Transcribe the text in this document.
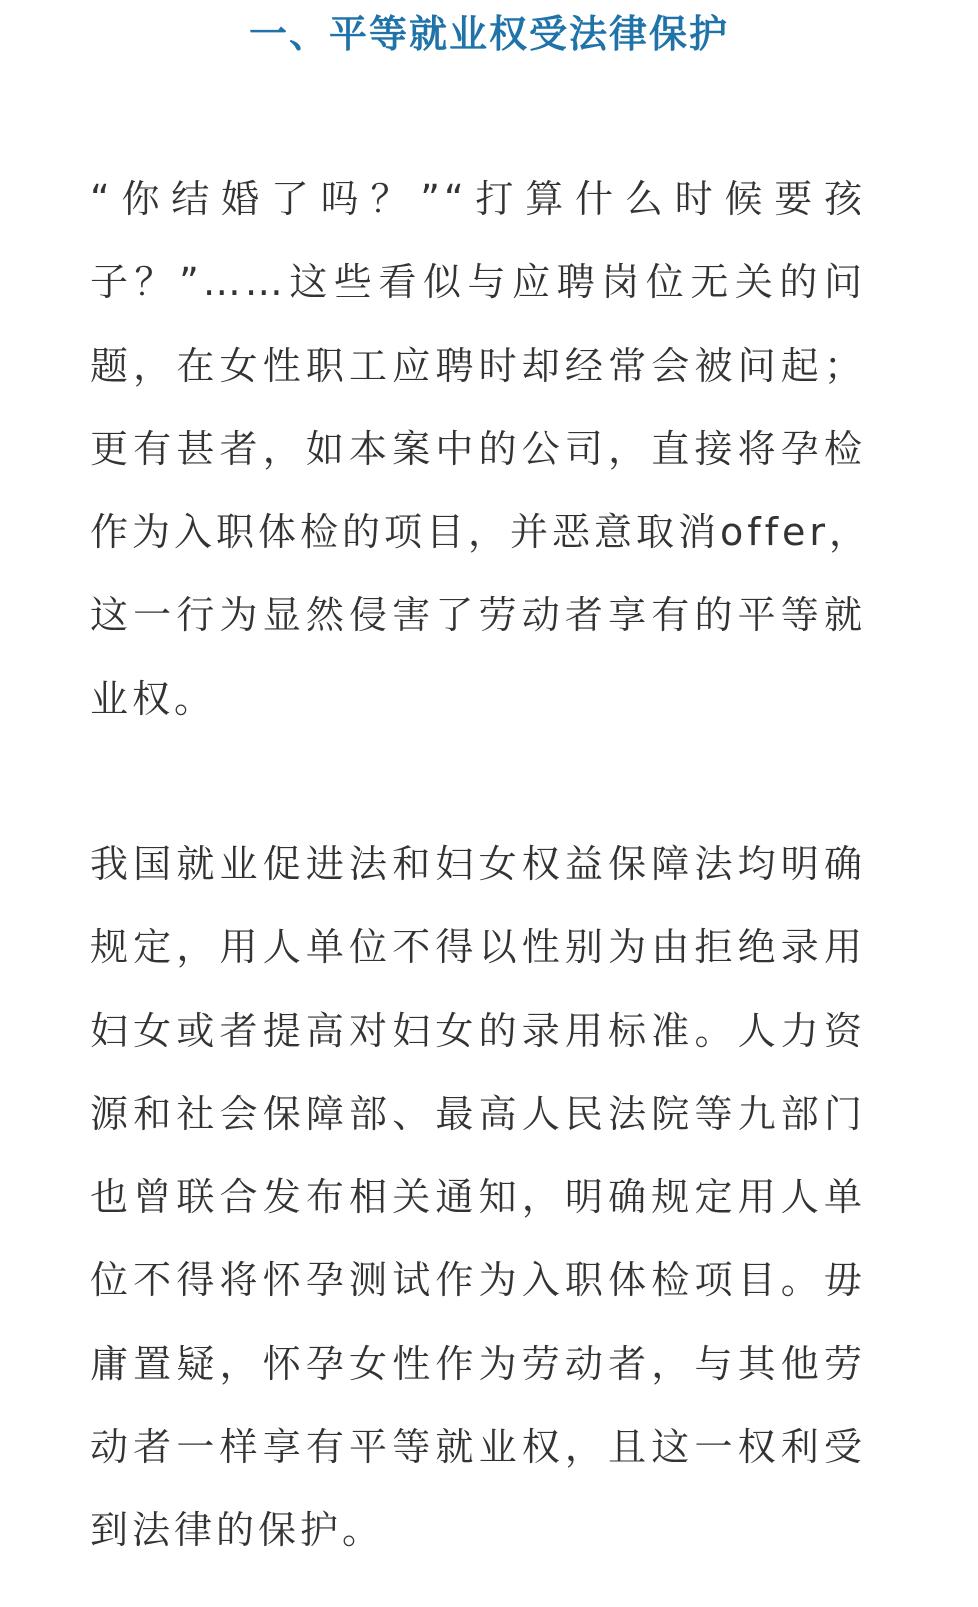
一、平等就业权受法律保护

“你结婚了吗？”“打算什么时候要孩
子？”……这些看似与应聘岗位无关的问
题，在女性职工应聘时却经常会被问起；
更有甚者，如本案中的公司，直接将孕检
作为入职体检的项目，并恶意取消offer，
这一行为显然侵害了劳动者享有的平等就
业权。

我国就业促进法和妇女权益保障法均明确
规定，用人单位不得以性别为由拒绝录用
妇女或者提高对妇女的录用标准。人力资
源和社会保障部、最高人民法院等九部门
也曾联合发布相关通知，明确规定用人单
位不得将怀孕测试作为入职体检项目。毋
庸置疑，怀孕女性作为劳动者，与其他劳
动者一样享有平等就业权，且这一权利受
到法律的保护。
